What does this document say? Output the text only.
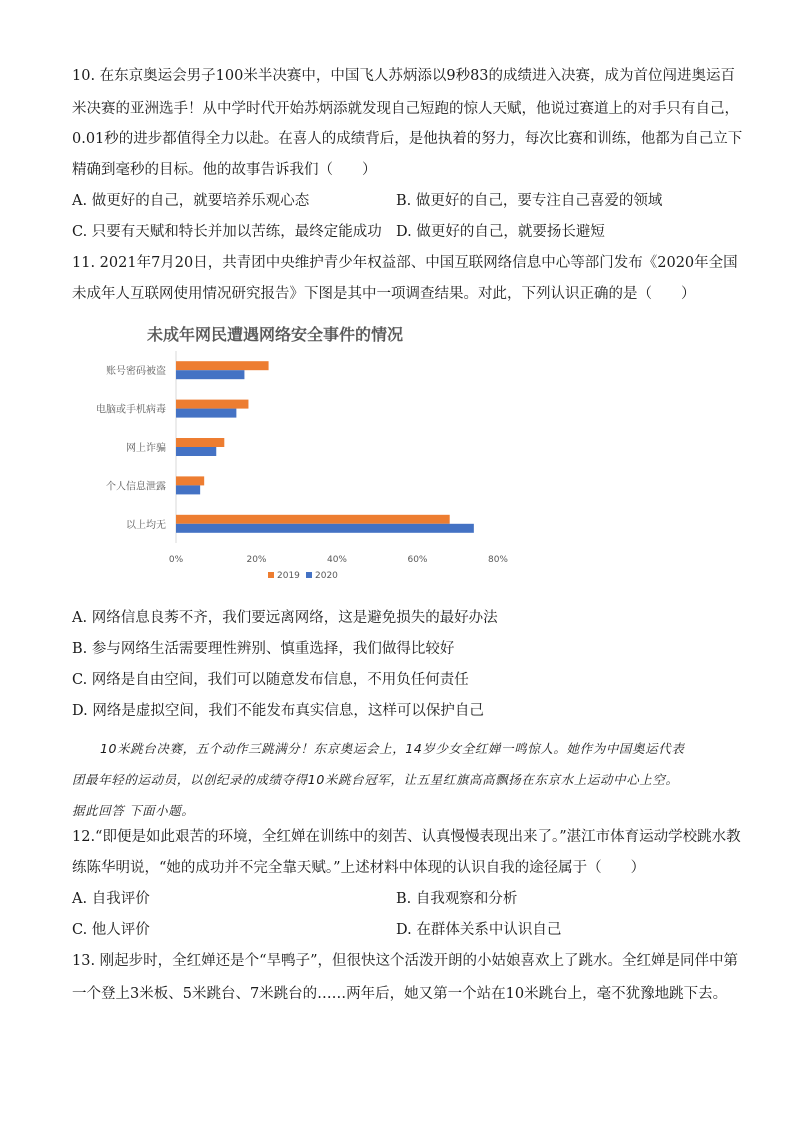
10. 在东京奥运会男子100米半决赛中，中国飞人苏炳添以9秒83的成绩进入决赛，成为首位闯进奥运百
米决赛的亚洲选手！从中学时代开始苏炳添就发现自己短跑的惊人天赋，他说过赛道上的对手只有自己，
0.01秒的进步都值得全力以赴。在喜人的成绩背后，是他执着的努力，每次比赛和训练，他都为自己立下
精确到毫秒的目标。他的故事告诉我们（　　）
A. 做更好的自己，就要培养乐观心态	B. 做更好的自己，要专注自己喜爱的领域
C. 只要有天赋和特长并加以苦练，最终定能成功 D. 做更好的自己，就要扬长避短
11. 2021年7月20日，共青团中央维护青少年权益部、中国互联网络信息中心等部门发布《2020年全国
未成年人互联网使用情况研究报告》下图是其中一项调查结果。对此，下列认识正确的是（　　）
未成年网民遭遇网络安全事件的情况
账号密码被盗
电脑或手机病毒
网上诈骗
个人信息泄露
以上均无
0%	20%	40%	60%	80%
2019 2020
A. 网络信息良莠不齐，我们要远离网络，这是避免损失的最好办法
B. 参与网络生活需要理性辨别、慎重选择，我们做得比较好
C. 网络是自由空间，我们可以随意发布信息，不用负任何责任
D. 网络是虚拟空间，我们不能发布真实信息，这样可以保护自己
10米跳台决赛，五个动作三跳满分！东京奥运会上，14岁少女全红婵一鸣惊人。她作为中国奥运代表
团最年轻的运动员，以创纪录的成绩夺得10米跳台冠军，让五星红旗高高飘扬在东京水上运动中心上空。
据此回答 下面小题。
12.“即便是如此艰苦的环境，全红婵在训练中的刻苦、认真慢慢表现出来了。”湛江市体育运动学校跳水教
练陈华明说，“她的成功并不完全靠天赋。”上述材料中体现的认识自我的途径属于（　　）
A. 自我评价	B. 自我观察和分析
C. 他人评价	D. 在群体关系中认识自己
13. 刚起步时，全红婵还是个“旱鸭子”，但很快这个活泼开朗的小姑娘喜欢上了跳水。全红婵是同伴中第
一个登上3米板、5米跳台、7米跳台的……两年后，她又第一个站在10米跳台上，毫不犹豫地跳下去。
